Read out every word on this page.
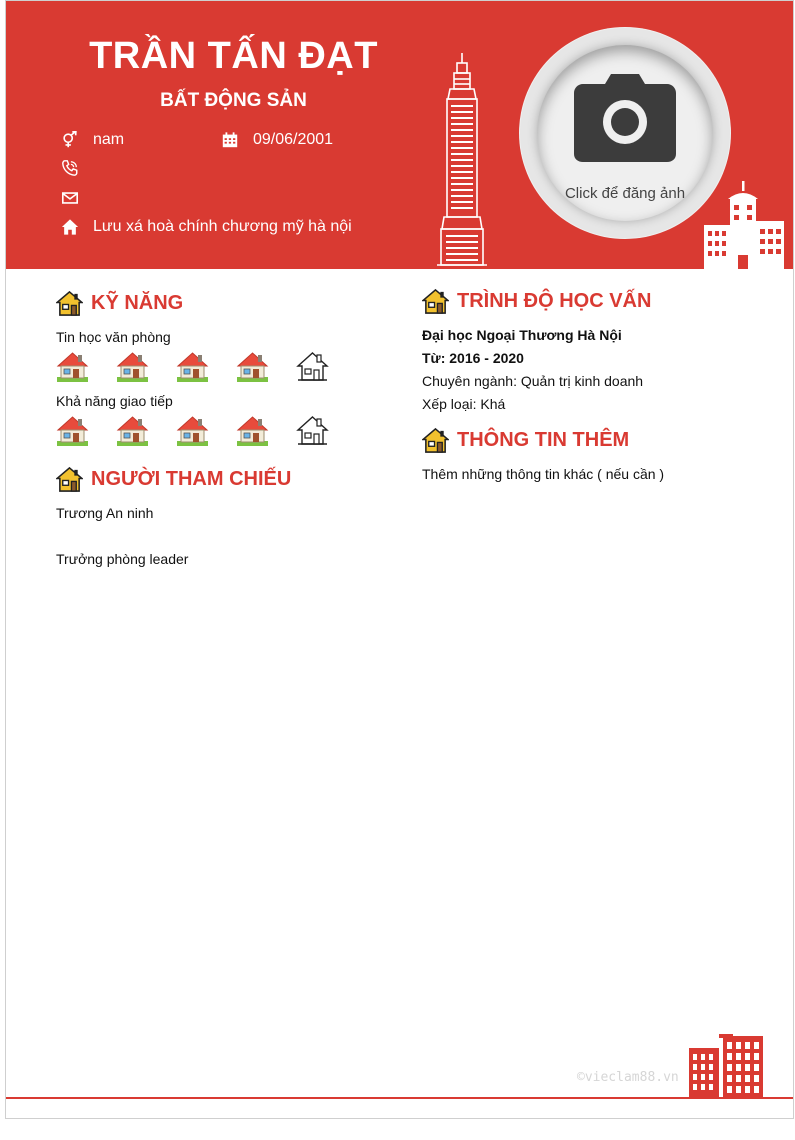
TRẦN TẤN ĐẠT
BẤT ĐỘNG SẢN
nam	09/06/2001
Lưu xá hoà chính chương mỹ hà nội
Click để đăng ảnh
KỸ NĂNG
Tin học văn phòng
Khả năng giao tiếp
NGƯỜI THAM CHIẾU
Trương An ninh
Trưởng phòng leader
TRÌNH ĐỘ HỌC VẤN
Đại học Ngoại Thương Hà Nội
Từ: 2016 - 2020
Chuyên ngành: Quản trị kinh doanh
Xếp loại: Khá
THÔNG TIN THÊM
Thêm những thông tin khác ( nếu cần )
©vieclam88.vn
